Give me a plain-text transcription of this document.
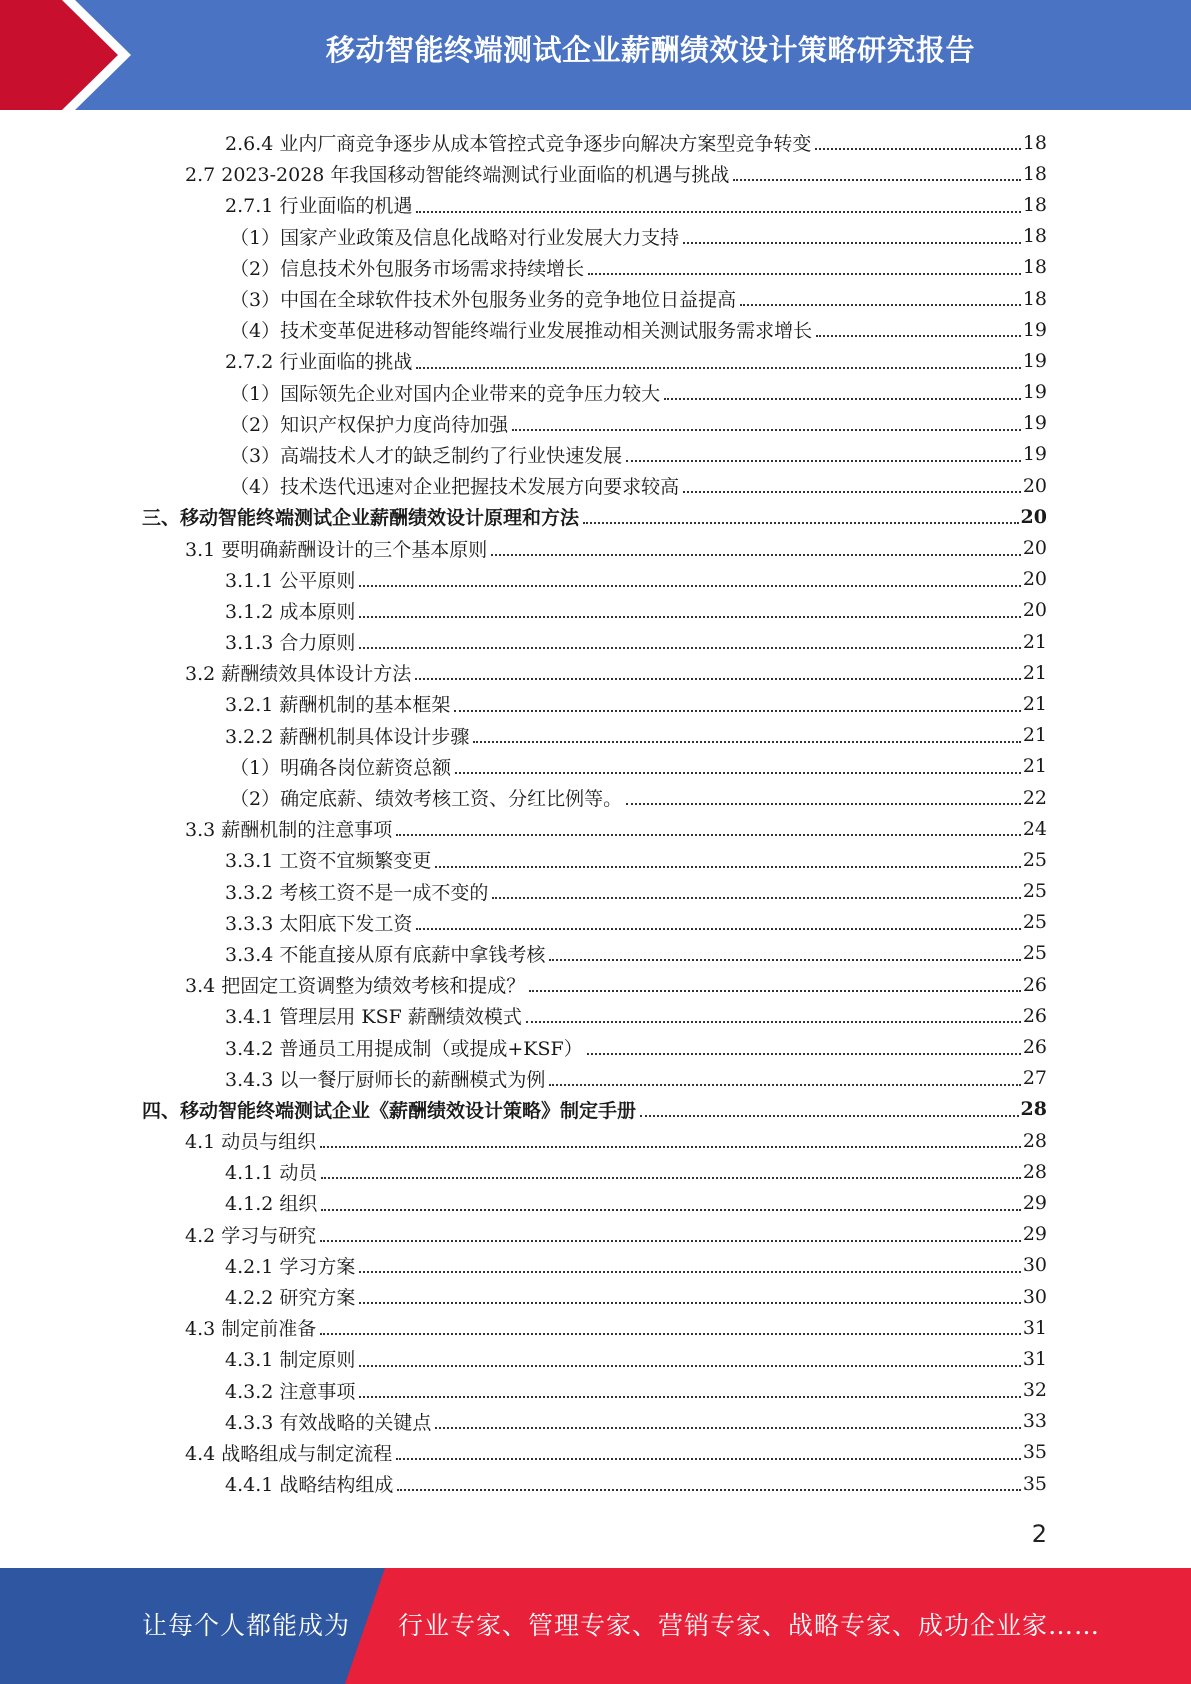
移动智能终端测试企业薪酬绩效设计策略研究报告
2.6.4 业内厂商竞争逐步从成本管控式竞争逐步向解决方案型竞争转变	18
2.7 2023-2028 年我国移动智能终端测试行业面临的机遇与挑战	18
2.7.1 行业面临的机遇	18
（1）国家产业政策及信息化战略对行业发展大力支持	18
（2）信息技术外包服务市场需求持续增长	18
（3）中国在全球软件技术外包服务业务的竞争地位日益提高	18
（4）技术变革促进移动智能终端行业发展推动相关测试服务需求增长	19
2.7.2 行业面临的挑战	19
（1）国际领先企业对国内企业带来的竞争压力较大	19
（2）知识产权保护力度尚待加强	19
（3）高端技术人才的缺乏制约了行业快速发展	19
（4）技术迭代迅速对企业把握技术发展方向要求较高	20
三、移动智能终端测试企业薪酬绩效设计原理和方法	20
3.1 要明确薪酬设计的三个基本原则	20
3.1.1 公平原则	20
3.1.2 成本原则	20
3.1.3 合力原则	21
3.2 薪酬绩效具体设计方法	21
3.2.1 薪酬机制的基本框架	21
3.2.2 薪酬机制具体设计步骤	21
（1）明确各岗位薪资总额	21
（2）确定底薪、绩效考核工资、分红比例等。	22
3.3 薪酬机制的注意事项	24
3.3.1 工资不宜频繁变更	25
3.3.2 考核工资不是一成不变的	25
3.3.3 太阳底下发工资	25
3.3.4 不能直接从原有底薪中拿钱考核	25
3.4 把固定工资调整为绩效考核和提成？	26
3.4.1 管理层用 KSF 薪酬绩效模式	26
3.4.2 普通员工用提成制（或提成+KSF）	26
3.4.3 以一餐厅厨师长的薪酬模式为例	27
四、移动智能终端测试企业《薪酬绩效设计策略》制定手册	28
4.1 动员与组织	28
4.1.1 动员	28
4.1.2 组织	29
4.2 学习与研究	29
4.2.1 学习方案	30
4.2.2 研究方案	30
4.3 制定前准备	31
4.3.1 制定原则	31
4.3.2 注意事项	32
4.3.3 有效战略的关键点	33
4.4 战略组成与制定流程	35
4.4.1 战略结构组成	35
2
让每个人都能成为 行业专家、管理专家、营销专家、战略专家、成功企业家……
